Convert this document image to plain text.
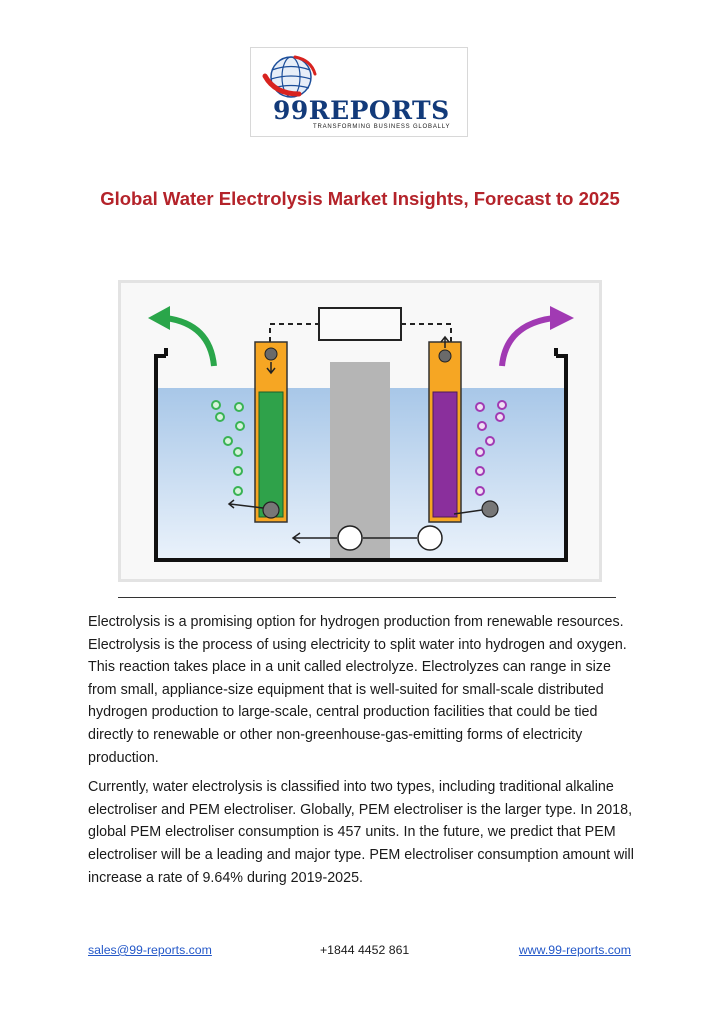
99REPORTS
TRANSFORMING BUSINESS GLOBALLY
Global Water Electrolysis Market Insights, Forecast to 2025

Electrolysis is a promising option for hydrogen production from renewable resources. Electrolysis is the process of using electricity to split water into hydrogen and oxygen. This reaction takes place in a unit called electrolyze. Electrolyzes can range in size from small, appliance-size equipment that is well-suited for small-scale distributed hydrogen production to large-scale, central production facilities that could be tied directly to renewable or other non-greenhouse-gas-emitting forms of electricity production.

Currently, water electrolysis is classified into two types, including traditional alkaline electroliser and PEM electroliser. Globally, PEM electroliser is the larger type. In 2018, global PEM electroliser consumption is 457 units. In the future, we predict that PEM electroliser will be a leading and major type. PEM electroliser consumption amount will increase a rate of 9.64% during 2019-2025.

sales@99-reports.com	+1844 4452 861	www.99-reports.com
